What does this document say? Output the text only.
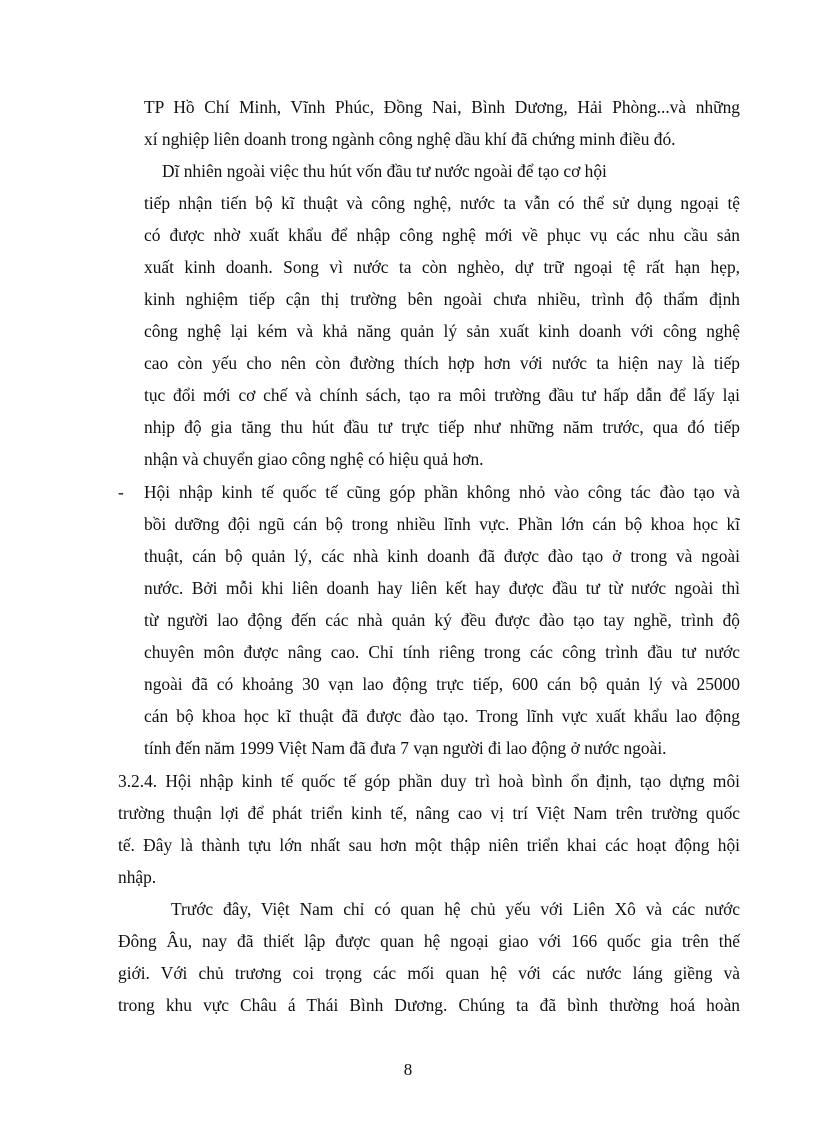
TP Hồ Chí Minh, Vĩnh Phúc, Đồng Nai, Bình Dương, Hải Phòng...và những
xí nghiệp liên doanh trong ngành công nghệ dầu khí đã chứng minh điều đó.
Dĩ nhiên ngoài việc thu hút vốn đầu tư nước ngoài để tạo cơ hội
tiếp nhận tiến bộ kĩ thuật và công nghệ, nước ta vẫn có thể sử dụng ngoại tệ
có được nhờ xuất khẩu để nhập công nghệ mới về phục vụ các nhu cầu sản
xuất kinh doanh. Song vì nước ta còn nghèo, dự trữ ngoại tệ rất hạn hẹp,
kinh nghiệm tiếp cận thị trường bên ngoài chưa nhiều, trình độ thẩm định
công nghệ lại kém và khả năng quản lý sản xuất kinh doanh với công nghệ
cao còn yếu cho nên còn đường thích hợp hơn với nước ta hiện nay là tiếp
tục đổi mới cơ chế và chính sách, tạo ra môi trường đầu tư hấp dẫn để lấy lại
nhịp độ gia tăng thu hút đầu tư trực tiếp như những năm trước, qua đó tiếp
nhận và chuyển giao công nghệ có hiệu quả hơn.
- Hội nhập kinh tế quốc tế cũng góp phần không nhỏ vào công tác đào tạo và
bồi dưỡng đội ngũ cán bộ trong nhiều lĩnh vực. Phần lớn cán bộ khoa học kĩ
thuật, cán bộ quản lý, các nhà kinh doanh đã được đào tạo ở trong và ngoài
nước. Bởi mỗi khi liên doanh hay liên kết hay được đầu tư từ nước ngoài thì
từ người lao động đến các nhà quản ký đều được đào tạo tay nghề, trình độ
chuyên môn được nâng cao. Chỉ tính riêng trong các công trình đầu tư nước
ngoài đã có khoảng 30 vạn lao động trực tiếp, 600 cán bộ quản lý và 25000
cán bộ khoa học kĩ thuật đã được đào tạo. Trong lĩnh vực xuất khẩu lao động
tính đến năm 1999 Việt Nam đã đưa 7 vạn người đi lao động ở nước ngoài.
3.2.4. Hội nhập kinh tế quốc tế góp phần duy trì hoà bình ổn định, tạo dựng môi
trường thuận lợi để phát triển kinh tế, nâng cao vị trí Việt Nam trên trường quốc
tế. Đây là thành tựu lớn nhất sau hơn một thập niên triển khai các hoạt động hội
nhập.
Trước đây, Việt Nam chỉ có quan hệ chủ yếu với Liên Xô và các nước
Đông Âu, nay đã thiết lập được quan hệ ngoại giao với 166 quốc gia trên thế
giới. Với chủ trương coi trọng các mối quan hệ với các nước láng giềng và
trong khu vực Châu á Thái Bình Dương. Chúng ta đã bình thường hoá hoàn
8
